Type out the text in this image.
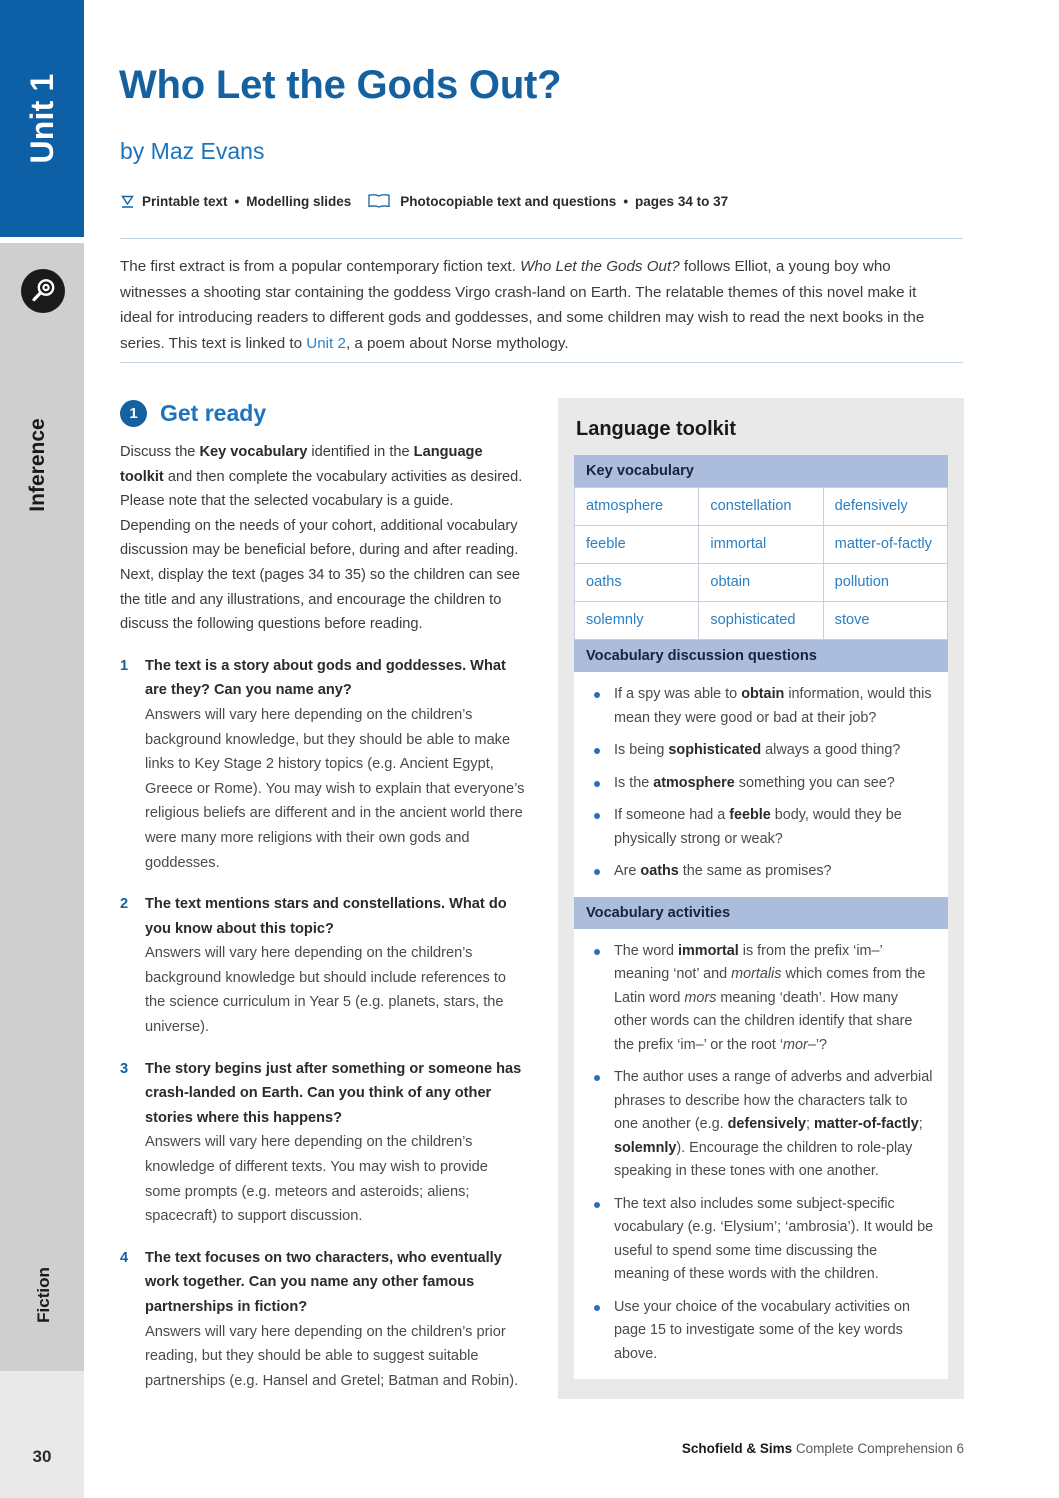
Unit 1
Inference
Fiction
30
Who Let the Gods Out?
by Maz Evans
Printable text • Modelling slides	Photocopiable text and questions • pages 34 to 37
The first extract is from a popular contemporary fiction text. Who Let the Gods Out? follows Elliot, a young boy who witnesses a shooting star containing the goddess Virgo crash-land on Earth. The relatable themes of this novel make it ideal for introducing readers to different gods and goddesses, and some children may wish to read the next books in the series. This text is linked to Unit 2, a poem about Norse mythology.
1 Get ready

Discuss the Key vocabulary identified in the Language toolkit and then complete the vocabulary activities as desired. Please note that the selected vocabulary is a guide. Depending on the needs of your cohort, additional vocabulary discussion may be beneficial before, during and after reading. Next, display the text (pages 34 to 35) so the children can see the title and any illustrations, and encourage the children to discuss the following questions before reading.

1	The text is a story about gods and goddesses. What are they? Can you name any?
Answers will vary here depending on the children’s background knowledge, but they should be able to make links to Key Stage 2 history topics (e.g. Ancient Egypt, Greece or Rome). You may wish to explain that everyone’s religious beliefs are different and in the ancient world there were many more religions with their own gods and goddesses.
2	The text mentions stars and constellations. What do you know about this topic?
Answers will vary here depending on the children’s background knowledge but should include references to the science curriculum in Year 5 (e.g. planets, stars, the universe).
3	The story begins just after something or someone has crash-landed on Earth. Can you think of any other stories where this happens?
Answers will vary here depending on the children’s knowledge of different texts. You may wish to provide some prompts (e.g. meteors and asteroids; aliens; spacecraft) to support discussion.
4	The text focuses on two characters, who eventually work together. Can you name any other famous partnerships in fiction?
Answers will vary here depending on the children’s prior reading, but they should be able to suggest suitable partnerships (e.g. Hansel and Gretel; Batman and Robin).
Language toolkit
Key vocabulary
atmosphere	constellation	defensively
feeble	immortal	matter-of-factly
oaths	obtain	pollution
solemnly	sophisticated	stove
Vocabulary discussion questions
If a spy was able to obtain information, would this mean they were good or bad at their job?
Is being sophisticated always a good thing?
Is the atmosphere something you can see?
If someone had a feeble body, would they be physically strong or weak?
Are oaths the same as promises?
Vocabulary activities
The word immortal is from the prefix ‘im–’ meaning ‘not’ and mortalis which comes from the Latin word mors meaning ‘death’. How many other words can the children identify that share the prefix ‘im–’ or the root ‘mor–’?
The author uses a range of adverbs and adverbial phrases to describe how the characters talk to one another (e.g. defensively; matter-of-factly; solemnly). Encourage the children to role-play speaking in these tones with one another.
The text also includes some subject-specific vocabulary (e.g. ‘Elysium’; ‘ambrosia’). It would be useful to spend some time discussing the meaning of these words with the children.
Use your choice of the vocabulary activities on page 15 to investigate some of the key words above.
Schofield & Sims Complete Comprehension 6
